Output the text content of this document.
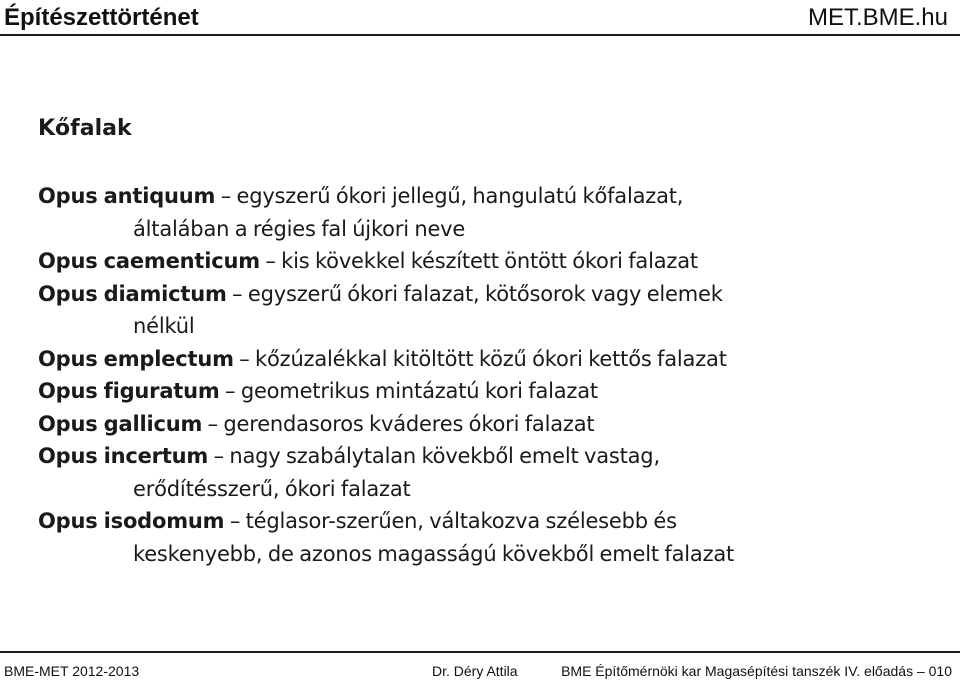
Építészettörténet	MET.BME.hu
Kőfalak

Opus antiquum – egyszerű ókori jellegű, hangulatú kőfalazat,
általában a régies fal újkori neve

Opus caementicum – kis kövekkel készített öntött ókori falazat

Opus diamictum – egyszerű ókori falazat, kötősorok vagy elemek
nélkül

Opus emplectum – kőzúzalékkal kitöltött közű ókori kettős falazat

Opus figuratum – geometrikus mintázatú kori falazat

Opus gallicum – gerendasoros kváderes ókori falazat

Opus incertum – nagy szabálytalan kövekből emelt vastag,
erődítésszerű, ókori falazat

Opus isodomum – téglasor-szerűen, váltakozva szélesebb és
keskenyebb, de azonos magasságú kövekből emelt falazat

BME-MET 2012-2013	Dr. Déry Attila	BME Építőmérnöki kar Magasépítési tanszék IV. előadás – 010
